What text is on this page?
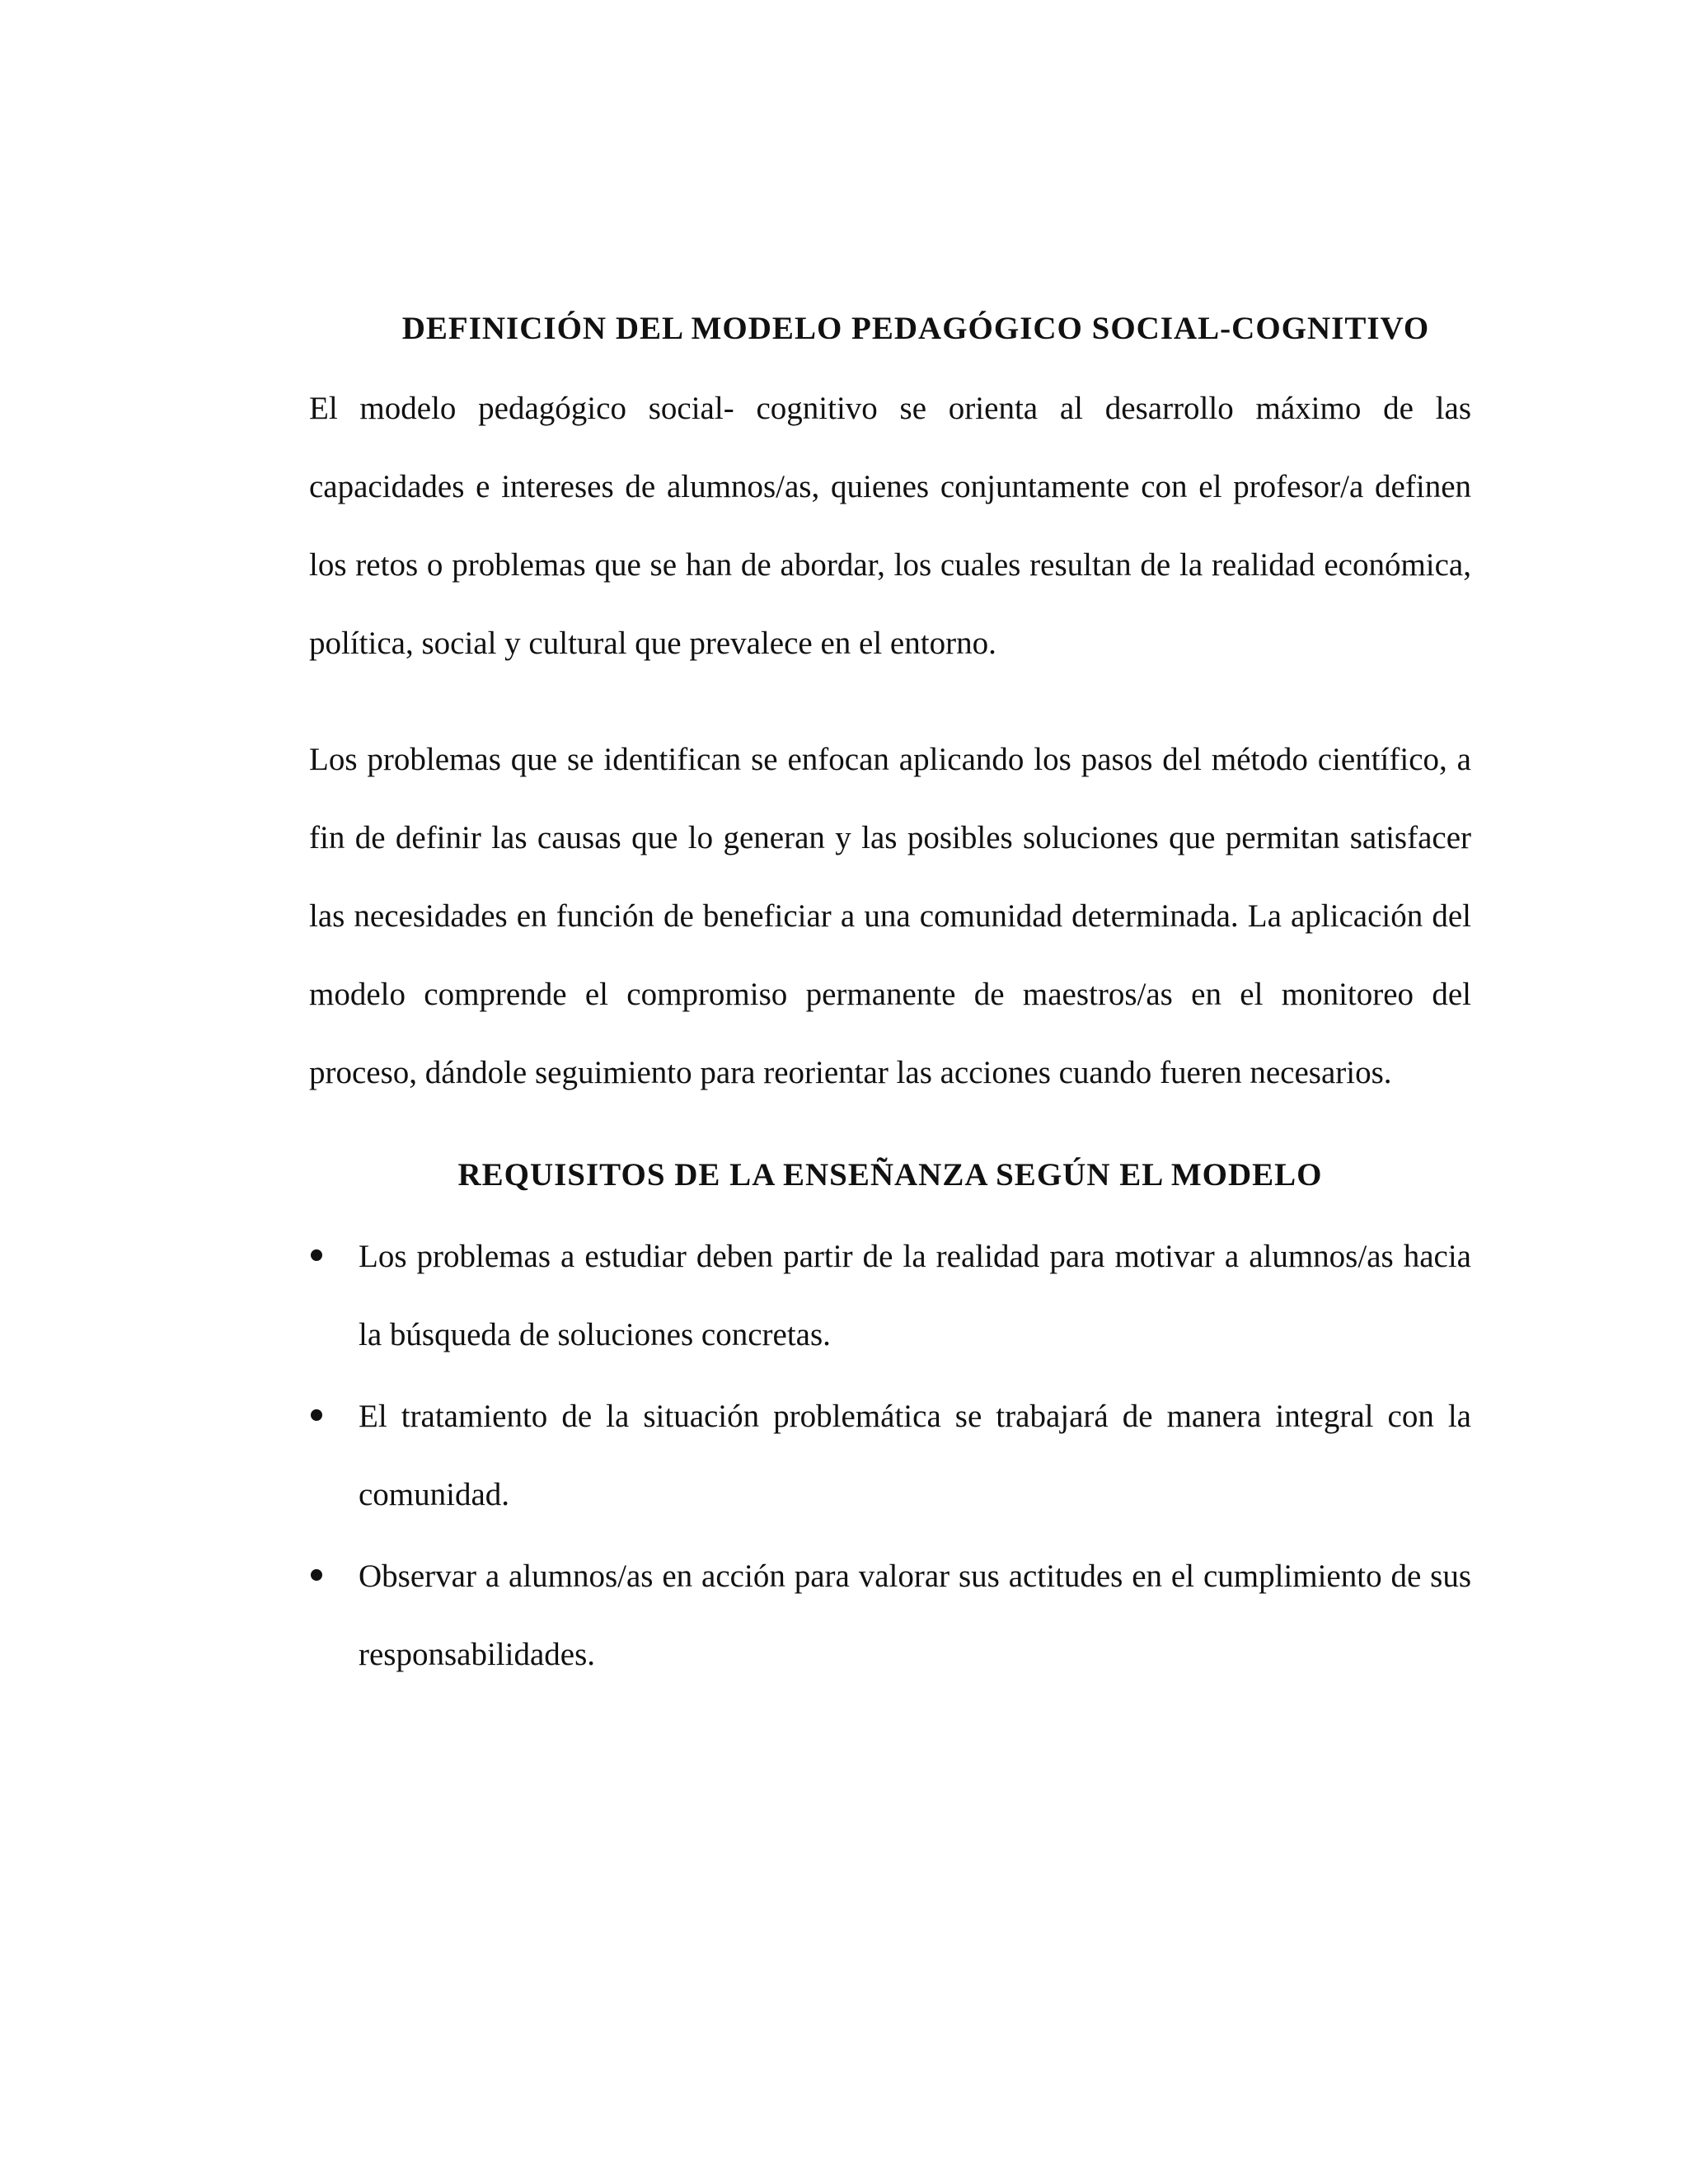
DEFINICIÓN DEL MODELO PEDAGÓGICO SOCIAL-COGNITIVO

El modelo pedagógico social- cognitivo se orienta al desarrollo máximo de las capacidades e intereses de alumnos/as, quienes conjuntamente con el profesor/a definen los retos o problemas que se han de abordar, los cuales resultan de la realidad económica, política, social y cultural que prevalece en el entorno.

Los problemas que se identifican se enfocan aplicando los pasos del método científico, a fin de definir las causas que lo generan y las posibles soluciones que permitan satisfacer las necesidades en función de beneficiar a una comunidad determinada. La aplicación del modelo comprende el compromiso permanente de maestros/as en el monitoreo del proceso, dándole seguimiento para reorientar las acciones cuando fueren necesarios.

REQUISITOS DE LA ENSEÑANZA SEGÚN EL MODELO
Los problemas a estudiar deben partir de la realidad para motivar a alumnos/as hacia la búsqueda de soluciones concretas.
El tratamiento de la situación problemática se trabajará de manera integral con la comunidad.
Observar a alumnos/as en acción para valorar sus actitudes en el cumplimiento de sus responsabilidades.
